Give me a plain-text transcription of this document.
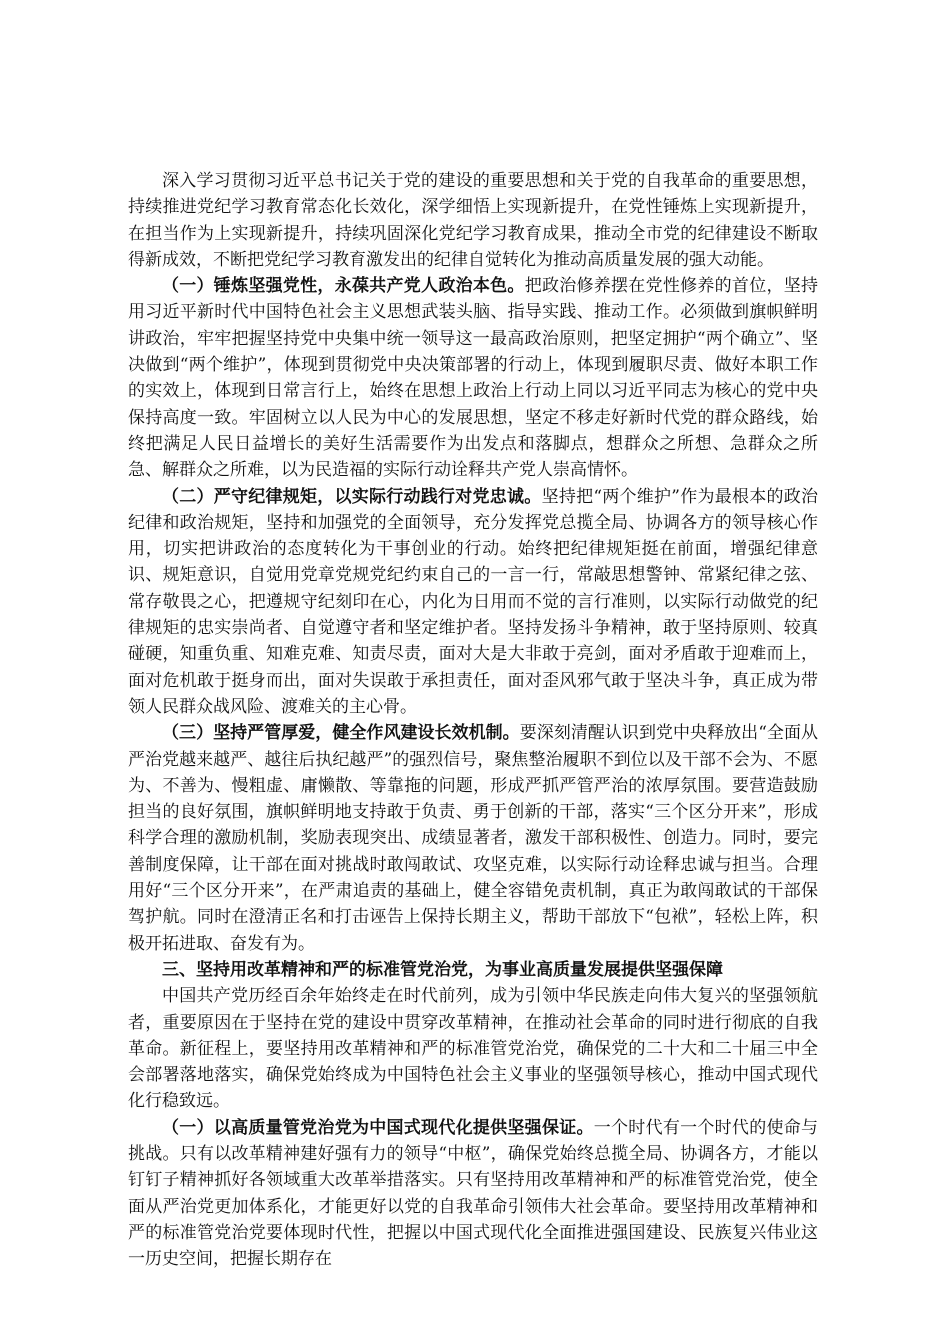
深入学习贯彻习近平总书记关于党的建设的重要思想和关于党的自我革命的重要思想，持续推进党纪学习教育常态化长效化，深学细悟上实现新提升，在党性锤炼上实现新提升，在担当作为上实现新提升，持续巩固深化党纪学习教育成果，推动全市党的纪律建设不断取得新成效，不断把党纪学习教育激发出的纪律自觉转化为推动高质量发展的强大动能。

（一）锤炼坚强党性，永葆共产党人政治本色。把政治修养摆在党性修养的首位，坚持用习近平新时代中国特色社会主义思想武装头脑、指导实践、推动工作。必须做到旗帜鲜明讲政治，牢牢把握坚持党中央集中统一领导这一最高政治原则，把坚定拥护“两个确立”、坚决做到“两个维护”，体现到贯彻党中央决策部署的行动上，体现到履职尽责、做好本职工作的实效上，体现到日常言行上，始终在思想上政治上行动上同以习近平同志为核心的党中央保持高度一致。牢固树立以人民为中心的发展思想，坚定不移走好新时代党的群众路线，始终把满足人民日益增长的美好生活需要作为出发点和落脚点，想群众之所想、急群众之所急、解群众之所难，以为民造福的实际行动诠释共产党人崇高情怀。

（二）严守纪律规矩，以实际行动践行对党忠诚。坚持把“两个维护”作为最根本的政治纪律和政治规矩，坚持和加强党的全面领导，充分发挥党总揽全局、协调各方的领导核心作用，切实把讲政治的态度转化为干事创业的行动。始终把纪律规矩挺在前面，增强纪律意识、规矩意识，自觉用党章党规党纪约束自己的一言一行，常敲思想警钟、常紧纪律之弦、常存敬畏之心，把遵规守纪刻印在心，内化为日用而不觉的言行准则，以实际行动做党的纪律规矩的忠实崇尚者、自觉遵守者和坚定维护者。坚持发扬斗争精神，敢于坚持原则、较真碰硬，知重负重、知难克难、知责尽责，面对大是大非敢于亮剑，面对矛盾敢于迎难而上，面对危机敢于挺身而出，面对失误敢于承担责任，面对歪风邪气敢于坚决斗争，真正成为带领人民群众战风险、渡难关的主心骨。

（三）坚持严管厚爱，健全作风建设长效机制。要深刻清醒认识到党中央释放出“全面从严治党越来越严、越往后执纪越严”的强烈信号，聚焦整治履职不到位以及干部不会为、不愿为、不善为、慢粗虚、庸懒散、等靠拖的问题，形成严抓严管严治的浓厚氛围。要营造鼓励担当的良好氛围，旗帜鲜明地支持敢于负责、勇于创新的干部，落实“三个区分开来”，形成科学合理的激励机制，奖励表现突出、成绩显著者，激发干部积极性、创造力。同时，要完善制度保障，让干部在面对挑战时敢闯敢试、攻坚克难，以实际行动诠释忠诚与担当。合理用好“三个区分开来”，在严肃追责的基础上，健全容错免责机制，真正为敢闯敢试的干部保驾护航。同时在澄清正名和打击诬告上保持长期主义，帮助干部放下“包袱”，轻松上阵，积极开拓进取、奋发有为。

三、坚持用改革精神和严的标准管党治党，为事业高质量发展提供坚强保障

中国共产党历经百余年始终走在时代前列，成为引领中华民族走向伟大复兴的坚强领航者，重要原因在于坚持在党的建设中贯穿改革精神，在推动社会革命的同时进行彻底的自我革命。新征程上，要坚持用改革精神和严的标准管党治党，确保党的二十大和二十届三中全会部署落地落实，确保党始终成为中国特色社会主义事业的坚强领导核心，推动中国式现代化行稳致远。

（一）以高质量管党治党为中国式现代化提供坚强保证。一个时代有一个时代的使命与挑战。只有以改革精神建好强有力的领导“中枢”，确保党始终总揽全局、协调各方，才能以钉钉子精神抓好各领域重大改革举措落实。只有坚持用改革精神和严的标准管党治党，使全面从严治党更加体系化，才能更好以党的自我革命引领伟大社会革命。要坚持用改革精神和严的标准管党治党要体现时代性，把握以中国式现代化全面推进强国建设、民族复兴伟业这一历史空间，把握长期存在
